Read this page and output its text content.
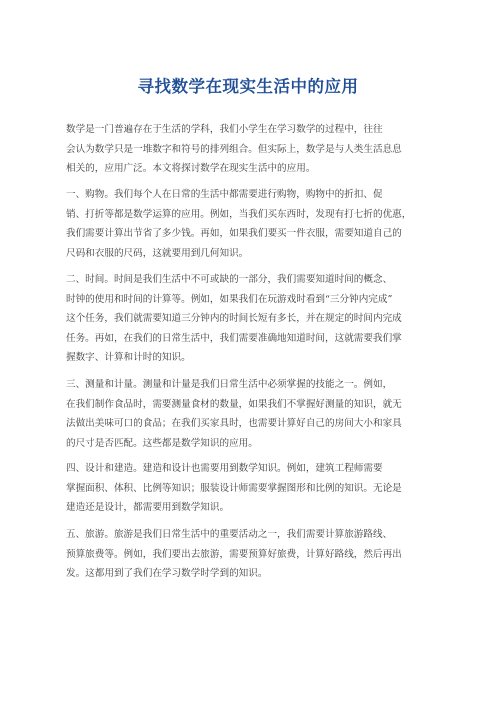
寻找数学在现实生活中的应用
数学是一门普遍存在于生活的学科，我们小学生在学习数学的过程中，往往
会认为数学只是一堆数字和符号的排列组合。但实际上，数学是与人类生活息息
相关的，应用广泛。本文将探讨数学在现实生活中的应用。
一、购物。我们每个人在日常的生活中都需要进行购物，购物中的折扣、促
销、打折等都是数学运算的应用。例如，当我们买东西时，发现有打七折的优惠，
我们需要计算出节省了多少钱。再如，如果我们要买一件衣服，需要知道自己的
尺码和衣服的尺码，这就要用到几何知识。
二、时间。时间是我们生活中不可或缺的一部分，我们需要知道时间的概念、
时钟的使用和时间的计算等。例如，如果我们在玩游戏时看到“三分钟内完成”
这个任务，我们就需要知道三分钟内的时间长短有多长，并在规定的时间内完成
任务。再如，在我们的日常生活中，我们需要准确地知道时间，这就需要我们掌
握数字、计算和计时的知识。
三、测量和计量。测量和计量是我们日常生活中必须掌握的技能之一。例如，
在我们制作食品时，需要测量食材的数量，如果我们不掌握好测量的知识，就无
法做出美味可口的食品；在我们买家具时，也需要计算好自己的房间大小和家具
的尺寸是否匹配。这些都是数学知识的应用。
四、设计和建造。建造和设计也需要用到数学知识。例如，建筑工程师需要
掌握面积、体积、比例等知识；服装设计师需要掌握图形和比例的知识。无论是
建造还是设计，都需要用到数学知识。
五、旅游。旅游是我们日常生活中的重要活动之一，我们需要计算旅游路线、
预算旅费等。例如，我们要出去旅游，需要预算好旅费，计算好路线，然后再出
发。这都用到了我们在学习数学时学到的知识。
